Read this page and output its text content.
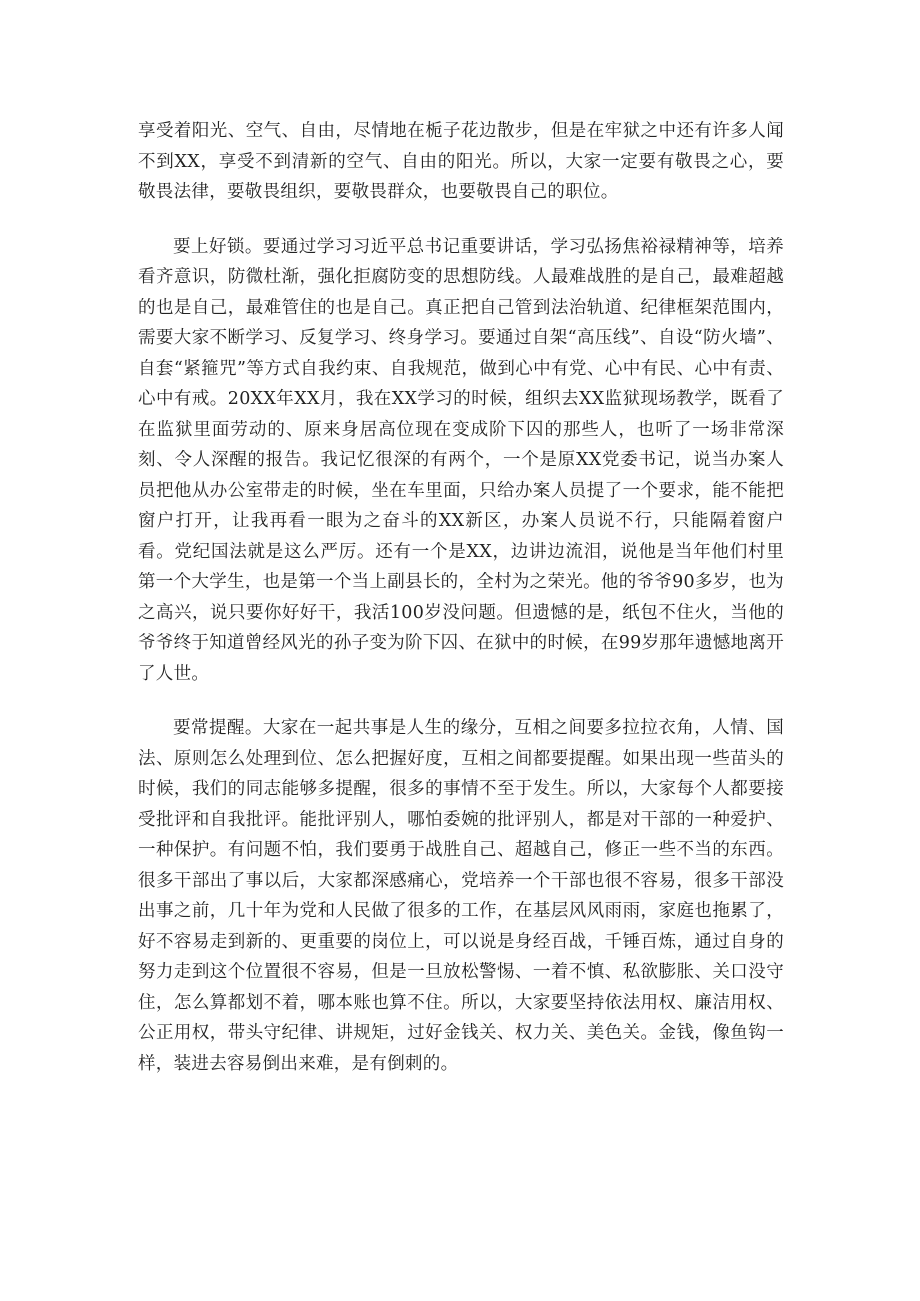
享受着阳光、空气、自由，尽情地在栀子花边散步，但是在牢狱之中还有许多人闻不到XX，享受不到清新的空气、自由的阳光。所以，大家一定要有敬畏之心，要敬畏法律，要敬畏组织，要敬畏群众，也要敬畏自己的职位。

要上好锁。要通过学习习近平总书记重要讲话，学习弘扬焦裕禄精神等，培养看齐意识，防微杜渐，强化拒腐防变的思想防线。人最难战胜的是自己，最难超越的也是自己，最难管住的也是自己。真正把自己管到法治轨道、纪律框架范围内，需要大家不断学习、反复学习、终身学习。要通过自架“高压线”、自设“防火墙”、自套“紧箍咒”等方式自我约束、自我规范，做到心中有党、心中有民、心中有责、心中有戒。20XX年XX月，我在XX学习的时候，组织去XX监狱现场教学，既看了在监狱里面劳动的、原来身居高位现在变成阶下囚的那些人，也听了一场非常深刻、令人深醒的报告。我记忆很深的有两个，一个是原XX党委书记，说当办案人员把他从办公室带走的时候，坐在车里面，只给办案人员提了一个要求，能不能把窗户打开，让我再看一眼为之奋斗的XX新区，办案人员说不行，只能隔着窗户看。党纪国法就是这么严厉。还有一个是XX，边讲边流泪，说他是当年他们村里第一个大学生，也是第一个当上副县长的，全村为之荣光。他的爷爷90多岁，也为之高兴，说只要你好好干，我活100岁没问题。但遗憾的是，纸包不住火，当他的爷爷终于知道曾经风光的孙子变为阶下囚、在狱中的时候，在99岁那年遗憾地离开了人世。

要常提醒。大家在一起共事是人生的缘分，互相之间要多拉拉衣角，人情、国法、原则怎么处理到位、怎么把握好度，互相之间都要提醒。如果出现一些苗头的时候，我们的同志能够多提醒，很多的事情不至于发生。所以，大家每个人都要接受批评和自我批评。能批评别人，哪怕委婉的批评别人，都是对干部的一种爱护、一种保护。有问题不怕，我们要勇于战胜自己、超越自己，修正一些不当的东西。很多干部出了事以后，大家都深感痛心，党培养一个干部也很不容易，很多干部没出事之前，几十年为党和人民做了很多的工作，在基层风风雨雨，家庭也拖累了，好不容易走到新的、更重要的岗位上，可以说是身经百战，千锤百炼，通过自身的努力走到这个位置很不容易，但是一旦放松警惕、一着不慎、私欲膨胀、关口没守住，怎么算都划不着，哪本账也算不住。所以，大家要坚持依法用权、廉洁用权、公正用权，带头守纪律、讲规矩，过好金钱关、权力关、美色关。金钱，像鱼钩一样，装进去容易倒出来难，是有倒刺的。
